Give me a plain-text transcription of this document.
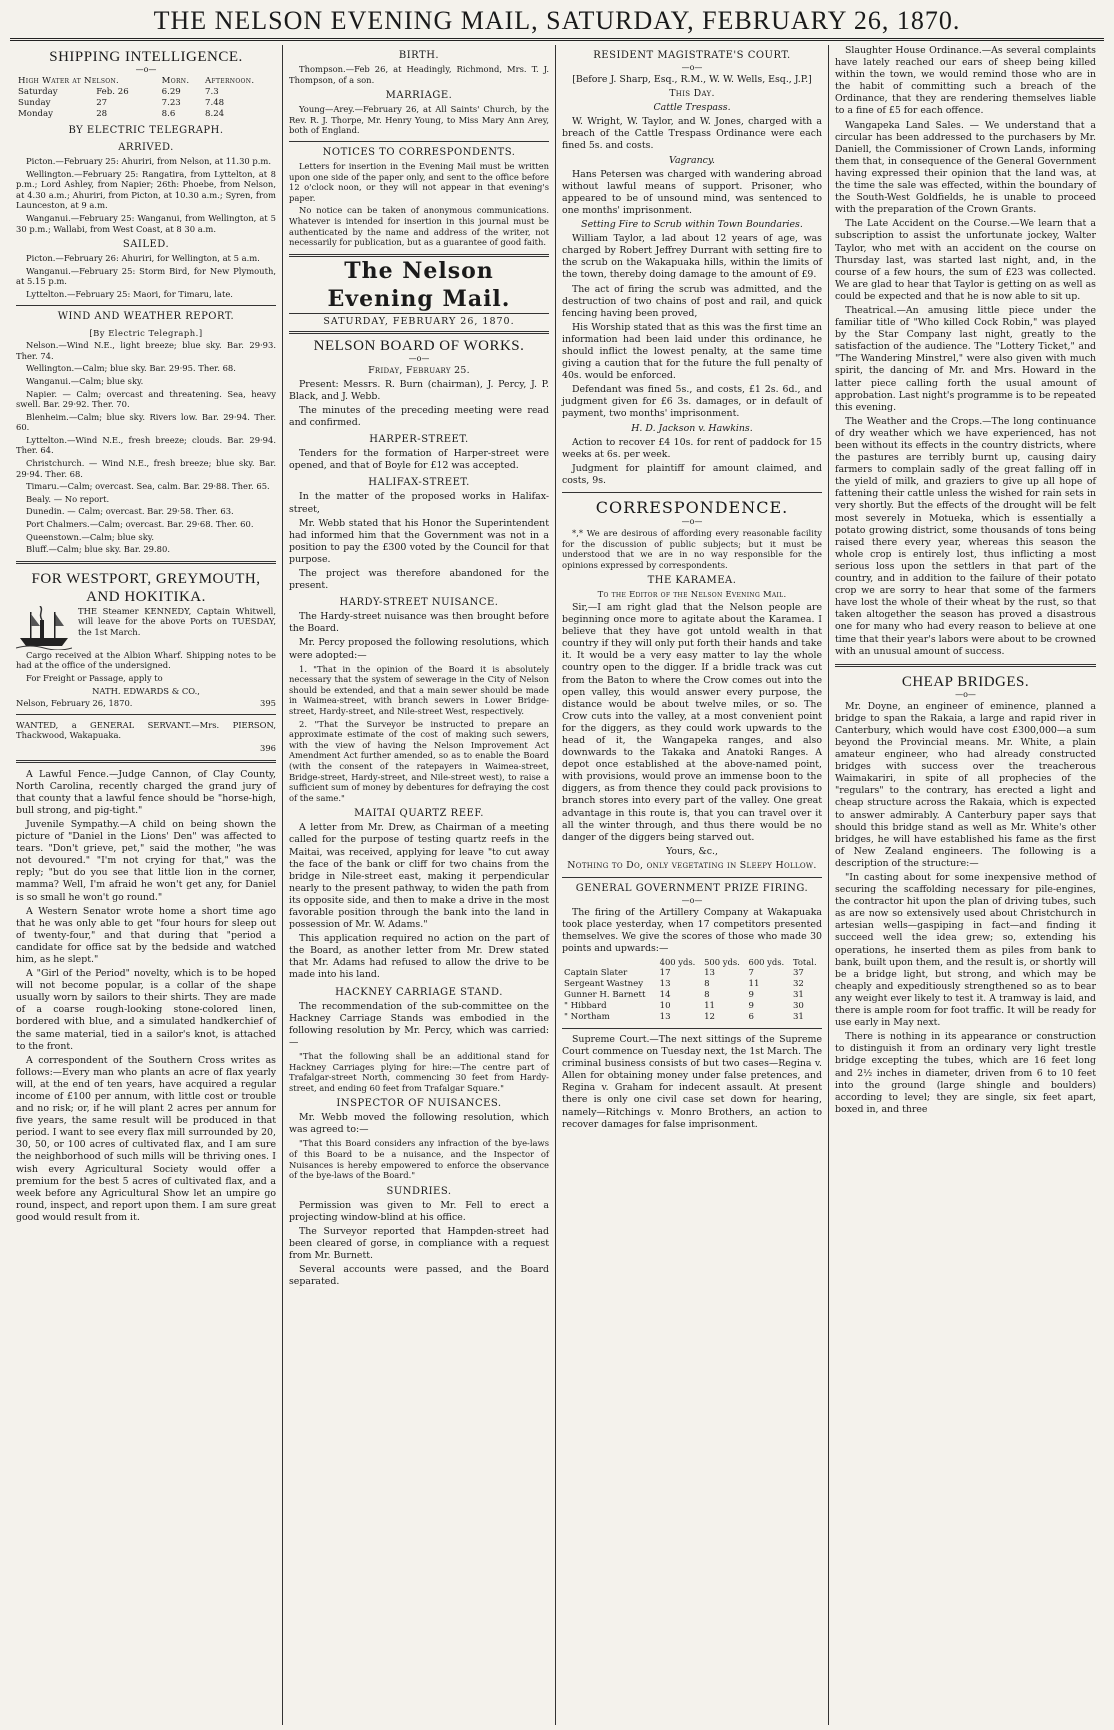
THE NELSON EVENING MAIL, SATURDAY, FEBRUARY 26, 1870.
SHIPPING INTELLIGENCE.
—o—
High Water at Nelson.		Morn.	Afternoon.
Saturday	Feb. 26	6.29	7.3
Sunday	27	7.23	7.48
Monday	28	8.6	8.24
BY ELECTRIC TELEGRAPH.
ARRIVED.

Picton.—February 25: Ahuriri, from Nelson, at 11.30 p.m.

Wellington.—February 25: Rangatira, from Lyttelton, at 8 p.m.; Lord Ashley, from Napier; 26th: Phoebe, from Nelson, at 4.30 a.m.; Ahuriri, from Picton, at 10.30 a.m.; Syren, from Launceston, at 9 a.m.

Wanganui.—February 25: Wanganui, from Wellington, at 5 30 p.m.; Wallabi, from West Coast, at 8 30 a.m.

SAILED.

Picton.—February 26: Ahuriri, for Wellington, at 5 a.m.

Wanganui.—February 25: Storm Bird, for New Plymouth, at 5.15 p.m.

Lyttelton.—February 25: Maori, for Timaru, late.

WIND AND WEATHER REPORT.
[By Electric Telegraph.]

Nelson.—Wind N.E., light breeze; blue sky. Bar. 29·93. Ther. 74.

Wellington.—Calm; blue sky. Bar. 29·95. Ther. 68.

Wanganui.—Calm; blue sky.

Napier. — Calm; overcast and threatening. Sea, heavy swell. Bar. 29·92. Ther. 70.

Blenheim.—Calm; blue sky. Rivers low. Bar. 29·94. Ther. 60.

Lyttelton.—Wind N.E., fresh breeze; clouds. Bar. 29·94. Ther. 64.

Christchurch. — Wind N.E., fresh breeze; blue sky. Bar. 29·94. Ther. 68.

Timaru.—Calm; overcast. Sea, calm. Bar. 29·88. Ther. 65.

Bealy. — No report.

Dunedin. — Calm; overcast. Bar. 29·58. Ther. 63.

Port Chalmers.—Calm; overcast. Bar. 29·68. Ther. 60.

Queenstown.—Calm; blue sky.

Bluff.—Calm; blue sky. Bar. 29.80.

FOR WESTPORT, GREYMOUTH, AND HOKITIKA.

THE Steamer KENNEDY, Captain Whitwell, will leave for the above Ports on TUESDAY, the 1st March.

Cargo received at the Albion Wharf. Shipping notes to be had at the office of the undersigned.

For Freight or Passage, apply to

NATH. EDWARDS & CO.,

Nelson, February 26, 1870.	395

WANTED, a GENERAL SERVANT.—Mrs. PIERSON, Thackwood, Wakapuaka.

396

A Lawful Fence.—Judge Cannon, of Clay County, North Carolina, recently charged the grand jury of that county that a lawful fence should be "horse-high, bull strong, and pig-tight."

Juvenile Sympathy.—A child on being shown the picture of "Daniel in the Lions' Den" was affected to tears. "Don't grieve, pet," said the mother, "he was not devoured." "I'm not crying for that," was the reply; "but do you see that little lion in the corner, mamma? Well, I'm afraid he won't get any, for Daniel is so small he won't go round."

A Western Senator wrote home a short time ago that he was only able to get "four hours for sleep out of twenty-four," and that during that "period a candidate for office sat by the bedside and watched him, as he slept."

A "Girl of the Period" novelty, which is to be hoped will not become popular, is a collar of the shape usually worn by sailors to their shirts. They are made of a coarse rough-looking stone-colored linen, bordered with blue, and a simulated handkerchief of the same material, tied in a sailor's knot, is attached to the front.

A correspondent of the Southern Cross writes as follows:—Every man who plants an acre of flax yearly will, at the end of ten years, have acquired a regular income of £100 per annum, with little cost or trouble and no risk; or, if he will plant 2 acres per annum for five years, the same result will be produced in that period. I want to see every flax mill surrounded by 20, 30, 50, or 100 acres of cultivated flax, and I am sure the neighborhood of such mills will be thriving ones. I wish every Agricultural Society would offer a premium for the best 5 acres of cultivated flax, and a week before any Agricultural Show let an umpire go round, inspect, and report upon them. I am sure great good would result from it.

BIRTH.

Thompson.—Feb 26, at Headingly, Richmond, Mrs. T. J. Thompson, of a son.

MARRIAGE.

Young—Arey.—February 26, at All Saints' Church, by the Rev. R. J. Thorpe, Mr. Henry Young, to Miss Mary Ann Arey, both of England.

NOTICES TO CORRESPONDENTS.

Letters for insertion in the Evening Mail must be written upon one side of the paper only, and sent to the office before 12 o'clock noon, or they will not appear in that evening's paper.

No notice can be taken of anonymous communications. Whatever is intended for insertion in this journal must be authenticated by the name and address of the writer, not necessarily for publication, but as a guarantee of good faith.

The Nelson Evening Mail.
SATURDAY, FEBRUARY 26, 1870.
NELSON BOARD OF WORKS.
—o—

Friday, February 25.

Present: Messrs. R. Burn (chairman), J. Percy, J. P. Black, and J. Webb.

The minutes of the preceding meeting were read and confirmed.

HARPER-STREET.

Tenders for the formation of Harper-street were opened, and that of Boyle for £12 was accepted.

HALIFAX-STREET.

In the matter of the proposed works in Halifax-street,

Mr. Webb stated that his Honor the Superintendent had informed him that the Government was not in a position to pay the £300 voted by the Council for that purpose.

The project was therefore abandoned for the present.

HARDY-STREET NUISANCE.

The Hardy-street nuisance was then brought before the Board.

Mr. Percy proposed the following resolutions, which were adopted:—

1. "That in the opinion of the Board it is absolutely necessary that the system of sewerage in the City of Nelson should be extended, and that a main sewer should be made in Waimea-street, with branch sewers in Lower Bridge-street, Hardy-street, and Nile-street West, respectively.

2. "That the Surveyor be instructed to prepare an approximate estimate of the cost of making such sewers, with the view of having the Nelson Improvement Act Amendment Act further amended, so as to enable the Board (with the consent of the ratepayers in Waimea-street, Bridge-street, Hardy-street, and Nile-street west), to raise a sufficient sum of money by debentures for defraying the cost of the same."

MAITAI QUARTZ REEF.

A letter from Mr. Drew, as Chairman of a meeting called for the purpose of testing quartz reefs in the Maitai, was received, applying for leave "to cut away the face of the bank or cliff for two chains from the bridge in Nile-street east, making it perpendicular nearly to the present pathway, to widen the path from its opposite side, and then to make a drive in the most favorable position through the bank into the land in possession of Mr. W. Adams."

This application required no action on the part of the Board, as another letter from Mr. Drew stated that Mr. Adams had refused to allow the drive to be made into his land.

HACKNEY CARRIAGE STAND.

The recommendation of the sub-committee on the Hackney Carriage Stands was embodied in the following resolution by Mr. Percy, which was carried:—

"That the following shall be an additional stand for Hackney Carriages plying for hire:—The centre part of Trafalgar-street North, commencing 30 feet from Hardy-street, and ending 60 feet from Trafalgar Square."

INSPECTOR OF NUISANCES.

Mr. Webb moved the following resolution, which was agreed to:—

"That this Board considers any infraction of the bye-laws of this Board to be a nuisance, and the Inspector of Nuisances is hereby empowered to enforce the observance of the bye-laws of the Board."

SUNDRIES.

Permission was given to Mr. Fell to erect a projecting window-blind at his office.

The Surveyor reported that Hampden-street had been cleared of gorse, in compliance with a request from Mr. Burnett.

Several accounts were passed, and the Board separated.

RESIDENT MAGISTRATE'S COURT.
—o—

[Before J. Sharp, Esq., R.M., W. W. Wells, Esq., J.P.]

This Day.

Cattle Trespass.

W. Wright, W. Taylor, and W. Jones, charged with a breach of the Cattle Trespass Ordinance were each fined 5s. and costs.

Vagrancy.

Hans Petersen was charged with wandering abroad without lawful means of support. Prisoner, who appeared to be of unsound mind, was sentenced to one months' imprisonment.

Setting Fire to Scrub within Town Boundaries.

William Taylor, a lad about 12 years of age, was charged by Robert Jeffrey Durrant with setting fire to the scrub on the Wakapuaka hills, within the limits of the town, thereby doing damage to the amount of £9.

The act of firing the scrub was admitted, and the destruction of two chains of post and rail, and quick fencing having been proved,

His Worship stated that as this was the first time an information had been laid under this ordinance, he should inflict the lowest penalty, at the same time giving a caution that for the future the full penalty of 40s. would be enforced.

Defendant was fined 5s., and costs, £1 2s. 6d., and judgment given for £6 3s. damages, or in default of payment, two months' imprisonment.

H. D. Jackson v. Hawkins.

Action to recover £4 10s. for rent of paddock for 15 weeks at 6s. per week.

Judgment for plaintiff for amount claimed, and costs, 9s.

CORRESPONDENCE.
—o—

*,* We are desirous of affording every reasonable facility for the discussion of public subjects; but it must be understood that we are in no way responsible for the opinions expressed by correspondents.

THE KARAMEA.

To the Editor of the Nelson Evening Mail.

Sir,—I am right glad that the Nelson people are beginning once more to agitate about the Karamea. I believe that they have got untold wealth in that country if they will only put forth their hands and take it. It would be a very easy matter to lay the whole country open to the digger. If a bridle track was cut from the Baton to where the Crow comes out into the open valley, this would answer every purpose, the distance would be about twelve miles, or so. The Crow cuts into the valley, at a most convenient point for the diggers, as they could work upwards to the head of it, the Wangapeka ranges, and also downwards to the Takaka and Anatoki Ranges. A depot once established at the above-named point, with provisions, would prove an immense boon to the diggers, as from thence they could pack provisions to branch stores into every part of the valley. One great advantage in this route is, that you can travel over it all the winter through, and thus there would be no danger of the diggers being starved out.

Yours, &c.,

Nothing to Do, only vegetating in Sleepy Hollow.

GENERAL GOVERNMENT PRIZE FIRING.
—o—

The firing of the Artillery Company at Wakapuaka took place yesterday, when 17 competitors presented themselves. We give the scores of those who made 30 points and upwards:—

	400 yds.	500 yds.	600 yds.	Total.
Captain Slater	17	13	7	37
Sergeant Wastney	13	8	11	32
Gunner H. Barnett	14	8	9	31
" Hibbard	10	11	9	30
" Northam	13	12	6	31

Supreme Court.—The next sittings of the Supreme Court commence on Tuesday next, the 1st March. The criminal business consists of but two cases—Regina v. Allen for obtaining money under false pretences, and Regina v. Graham for indecent assault. At present there is only one civil case set down for hearing, namely—Ritchings v. Monro Brothers, an action to recover damages for false imprisonment.

Slaughter House Ordinance.—As several complaints have lately reached our ears of sheep being killed within the town, we would remind those who are in the habit of committing such a breach of the Ordinance, that they are rendering themselves liable to a fine of £5 for each offence.

Wangapeka Land Sales. — We understand that a circular has been addressed to the purchasers by Mr. Daniell, the Commissioner of Crown Lands, informing them that, in consequence of the General Government having expressed their opinion that the land was, at the time the sale was effected, within the boundary of the South-West Goldfields, he is unable to proceed with the preparation of the Crown Grants.

The Late Accident on the Course.—We learn that a subscription to assist the unfortunate jockey, Walter Taylor, who met with an accident on the course on Thursday last, was started last night, and, in the course of a few hours, the sum of £23 was collected. We are glad to hear that Taylor is getting on as well as could be expected and that he is now able to sit up.

Theatrical.—An amusing little piece under the familiar title of "Who killed Cock Robin," was played by the Star Company last night, greatly to the satisfaction of the audience. The "Lottery Ticket," and "The Wandering Minstrel," were also given with much spirit, the dancing of Mr. and Mrs. Howard in the latter piece calling forth the usual amount of approbation. Last night's programme is to be repeated this evening.

The Weather and the Crops.—The long continuance of dry weather which we have experienced, has not been without its effects in the country districts, where the pastures are terribly burnt up, causing dairy farmers to complain sadly of the great falling off in the yield of milk, and graziers to give up all hope of fattening their cattle unless the wished for rain sets in very shortly. But the effects of the drought will be felt most severely in Motueka, which is essentially a potato growing district, some thousands of tons being raised there every year, whereas this season the whole crop is entirely lost, thus inflicting a most serious loss upon the settlers in that part of the country, and in addition to the failure of their potato crop we are sorry to hear that some of the farmers have lost the whole of their wheat by the rust, so that taken altogether the season has proved a disastrous one for many who had every reason to believe at one time that their year's labors were about to be crowned with an unusual amount of success.

CHEAP BRIDGES.
—o—

Mr. Doyne, an engineer of eminence, planned a bridge to span the Rakaia, a large and rapid river in Canterbury, which would have cost £300,000—a sum beyond the Provincial means. Mr. White, a plain amateur engineer, who had already constructed bridges with success over the treacherous Waimakariri, in spite of all prophecies of the "regulars" to the contrary, has erected a light and cheap structure across the Rakaia, which is expected to answer admirably. A Canterbury paper says that should this bridge stand as well as Mr. White's other bridges, he will have established his fame as the first of New Zealand engineers. The following is a description of the structure:—

"In casting about for some inexpensive method of securing the scaffolding necessary for pile-engines, the contractor hit upon the plan of driving tubes, such as are now so extensively used about Christchurch in artesian wells—gaspiping in fact—and finding it succeed well the idea grew; so, extending his operations, he inserted them as piles from bank to bank, built upon them, and the result is, or shortly will be a bridge light, but strong, and which may be cheaply and expeditiously strengthened so as to bear any weight ever likely to test it. A tramway is laid, and there is ample room for foot traffic. It will be ready for use early in May next.

There is nothing in its appearance or construction to distinguish it from an ordinary very light trestle bridge excepting the tubes, which are 16 feet long and 2½ inches in diameter, driven from 6 to 10 feet into the ground (large shingle and boulders) according to level; they are single, six feet apart, boxed in, and three
